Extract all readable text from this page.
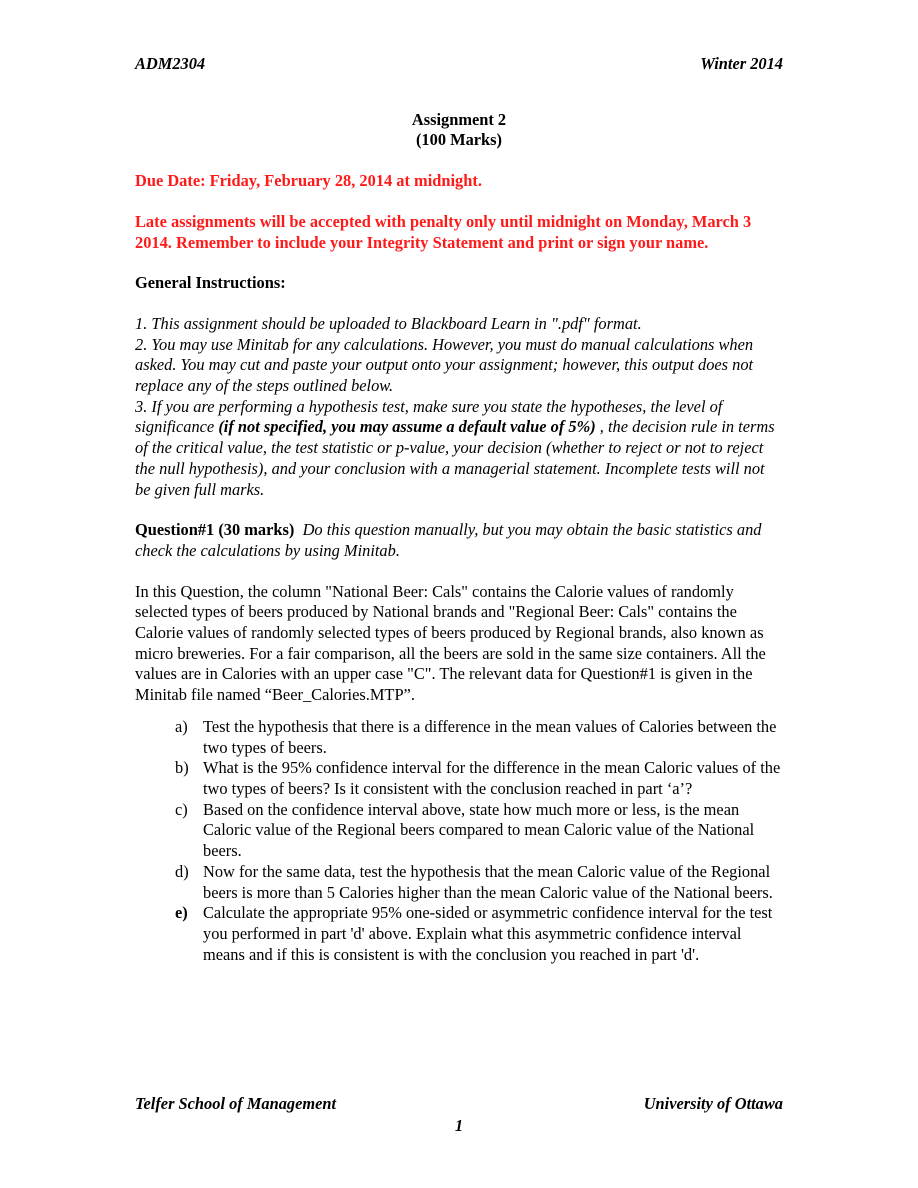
ADM2304	Winter 2014
Assignment 2
(100 Marks)

Due Date: Friday, February 28, 2014 at midnight.

Late assignments will be accepted with penalty only until midnight on Monday, March 3 2014. Remember to include your Integrity Statement and print or sign your name.

General Instructions:

1. This assignment should be uploaded to Blackboard Learn in ".pdf" format.

2. You may use Minitab for any calculations. However, you must do manual calculations when asked. You may cut and paste your output onto your assignment; however, this output does not replace any of the steps outlined below.

3. If you are performing a hypothesis test, make sure you state the hypotheses, the level of significance (if not specified, you may assume a default value of 5%) , the decision rule in terms of the critical value, the test statistic or p-value, your decision (whether to reject or not to reject the null hypothesis), and your conclusion with a managerial statement. Incomplete tests will not be given full marks.

Question#1 (30 marks) Do this question manually, but you may obtain the basic statistics and check the calculations by using Minitab.

In this Question, the column "National Beer: Cals" contains the Calorie values of randomly selected types of beers produced by National brands and "Regional Beer: Cals" contains the Calorie values of randomly selected types of beers produced by Regional brands, also known as micro breweries. For a fair comparison, all the beers are sold in the same size containers. All the values are in Calories with an upper case "C". The relevant data for Question#1 is given in the Minitab file named “Beer_Calories.MTP”.

a) Test the hypothesis that there is a difference in the mean values of Calories between the two types of beers.
b) What is the 95% confidence interval for the difference in the mean Caloric values of the two types of beers? Is it consistent with the conclusion reached in part ‘a’?
c) Based on the confidence interval above, state how much more or less, is the mean Caloric value of the Regional beers compared to mean Caloric value of the National beers.
d) Now for the same data, test the hypothesis that the mean Caloric value of the Regional beers is more than 5 Calories higher than the mean Caloric value of the National beers.
e) Calculate the appropriate 95% one-sided or asymmetric confidence interval for the test you performed in part 'd' above. Explain what this asymmetric confidence interval means and if this is consistent is with the conclusion you reached in part 'd'.
Telfer School of Management	University of Ottawa
1
